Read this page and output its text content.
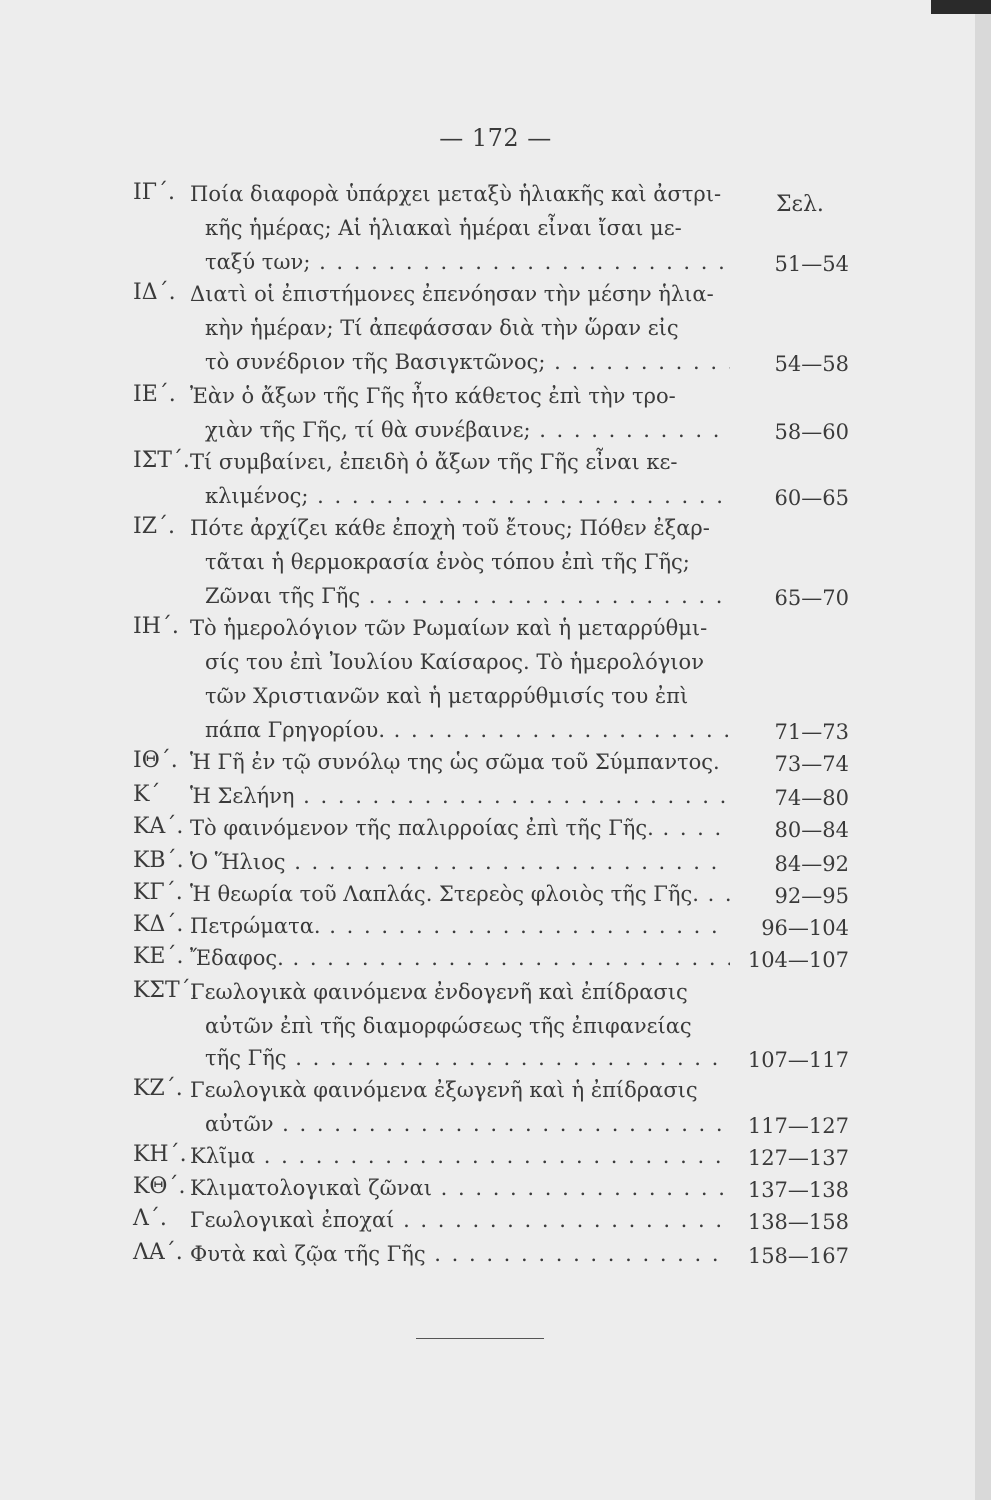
— 172 —
Σελ.
ΙΓ΄. Ποία διαφορὰ ὑπάρχει μεταξὺ ἡλιακῆς καὶ ἀστρι-
κῆς ἡμέρας; Αἱ ἡλιακαὶ ἡμέραι εἶναι ἴσαι με-
ταξύ των; . . .	51—54
ΙΔ΄. Διατὶ οἱ ἐπιστήμονες ἐπενόησαν τὴν μέσην ἡλια-
κὴν ἡμέραν; Τί ἀπεφάσσαν διὰ τὴν ὥραν εἰς
τὸ συνέδριον τῆς Βασιγκτῶνος; . . .	54—58
ΙΕ΄. Ἐὰν ὁ ἄξων τῆς Γῆς ἦτο κάθετος ἐπὶ τὴν τρο-
χιὰν τῆς Γῆς, τί θὰ συνέβαινε; . . .	58—60
ΙΣΤ΄. Τί συμβαίνει, ἐπειδὴ ὁ ἄξων τῆς Γῆς εἶναι κε-
κλιμένος; . . .	60—65
ΙΖ΄. Πότε ἀρχίζει κάθε ἐποχὴ τοῦ ἔτους; Πόθεν ἐξαρ-
τᾶται ἡ θερμοκρασία ἑνὸς τόπου ἐπὶ τῆς Γῆς;
Ζῶναι τῆς Γῆς . . .	65—70
ΙΗ΄. Τὸ ἡμερολόγιον τῶν Ρωμαίων καὶ ἡ μεταρρύθμι-
σίς του ἐπὶ Ἰουλίου Καίσαρος. Τὸ ἡμερολόγιον
τῶν Χριστιανῶν καὶ ἡ μεταρρύθμισίς του ἐπὶ
πάπα Γρηγορίου. . . .	71—73
ΙΘ΄. Ἡ Γῆ ἐν τῷ συνόλῳ της ὡς σῶμα τοῦ Σύμπαντος. . . .	73—74
Κ΄ Ἡ Σελήνη . . .	74—80
ΚΑ΄. Τὸ φαινόμενον τῆς παλιρροίας ἐπὶ τῆς Γῆς. . . .	80—84
ΚΒ΄. Ὁ Ἥλιος . . .	84—92
ΚΓ΄. Ἡ θεωρία τοῦ Λαπλάς. Στερεὸς φλοιὸς τῆς Γῆς. . . .	92—95
ΚΔ΄. Πετρώματα. . . .	96—104
ΚΕ΄. Ἔδαφος. . . .	104—107
ΚΣΤ΄.
Γεωλογικὰ φαινόμενα ἐνδογενῆ καὶ ἐπίδρασις
αὐτῶν ἐπὶ τῆς διαμορφώσεως τῆς ἐπιφανείας
τῆς Γῆς . . .	107—117
ΚΖ΄. Γεωλογικὰ φαινόμενα ἐξωγενῆ καὶ ἡ ἐπίδρασις
αὐτῶν . . .	117—127
ΚΗ΄. Κλῖμα . . .	127—137
ΚΘ΄. Κλιματολογικαὶ ζῶναι . . .	137—138
Λ΄. Γεωλογικαὶ ἐποχαί . . .	138—158
ΛΑ΄. Φυτὰ καὶ ζῷα τῆς Γῆς . . .	158—167
